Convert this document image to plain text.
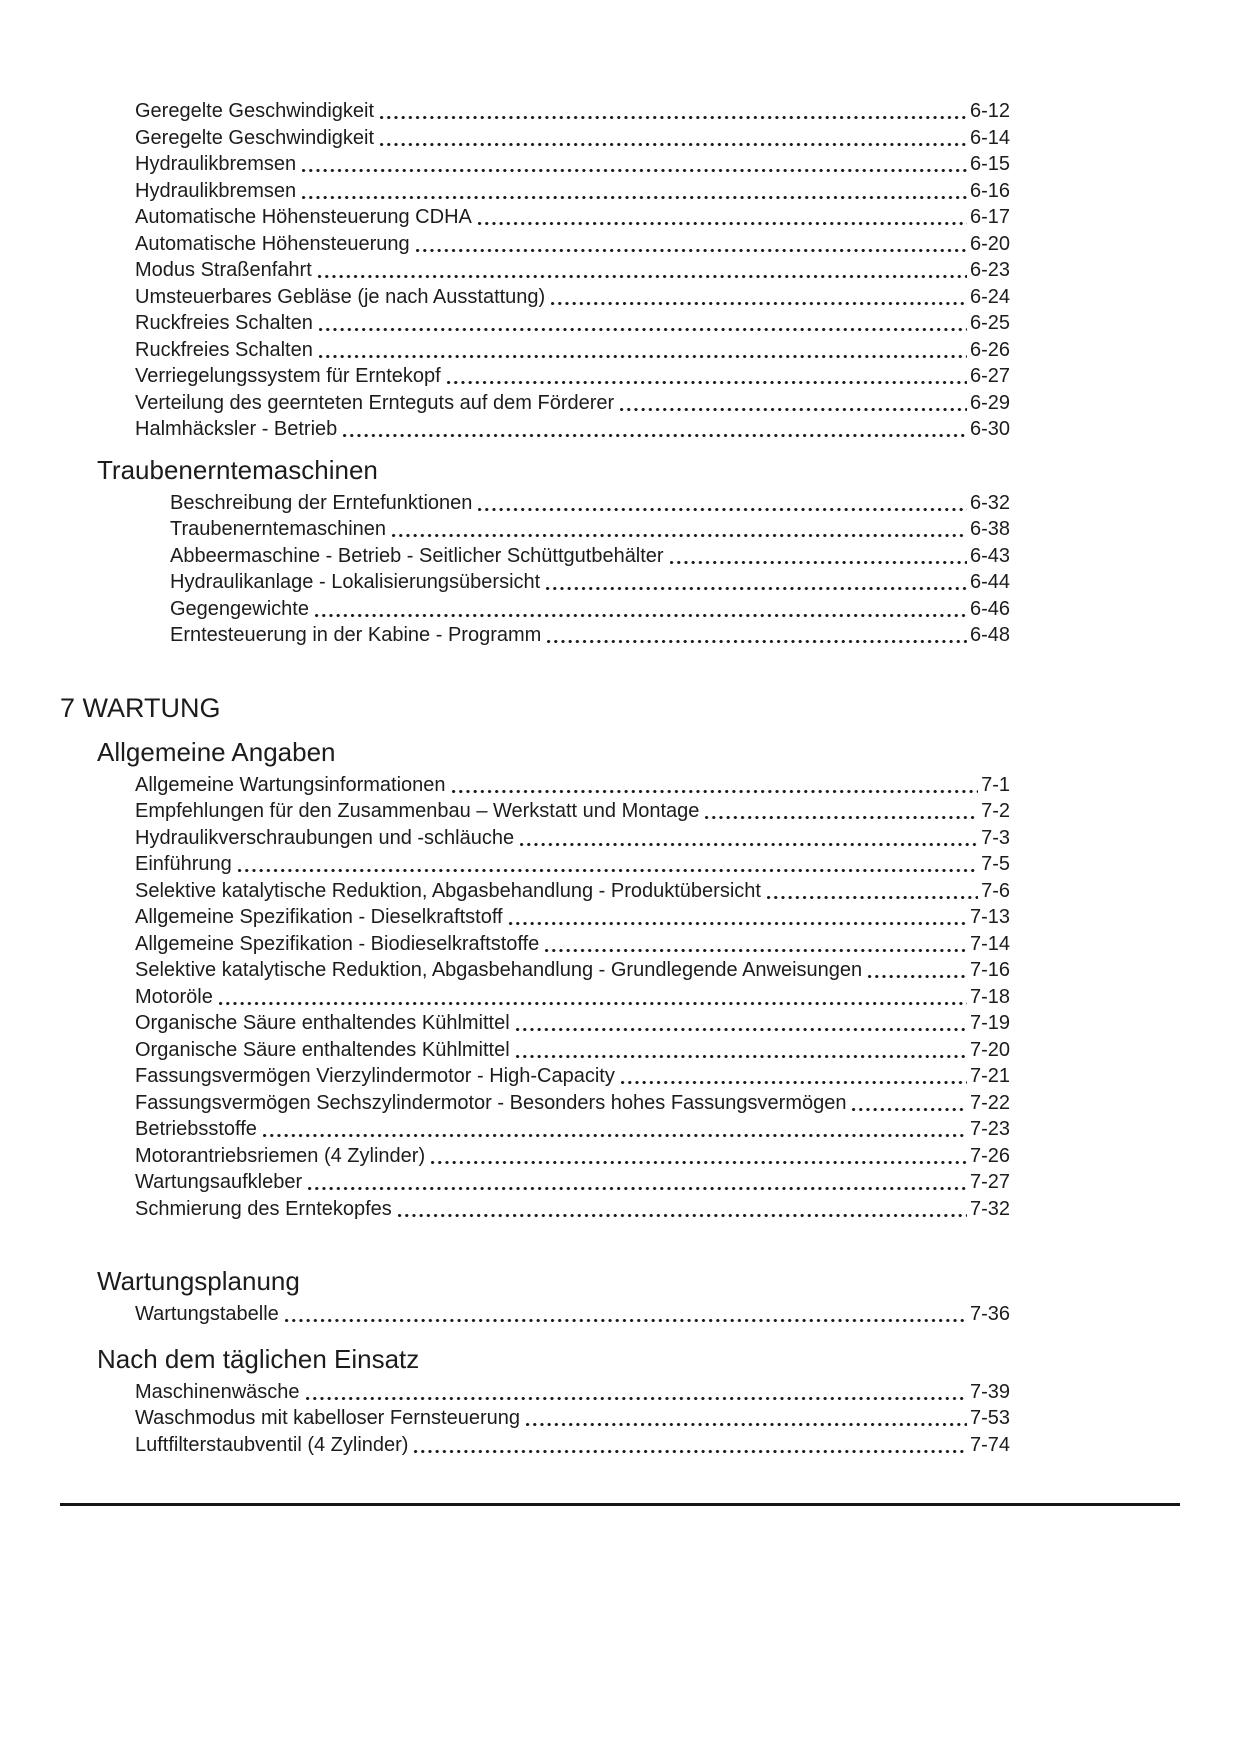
Geregelte Geschwindigkeit	6-12
Geregelte Geschwindigkeit	6-14
Hydraulikbremsen	6-15
Hydraulikbremsen	6-16
Automatische Höhensteuerung CDHA	6-17
Automatische Höhensteuerung	6-20
Modus Straßenfahrt	6-23
Umsteuerbares Gebläse (je nach Ausstattung)	6-24
Ruckfreies Schalten	6-25
Ruckfreies Schalten	6-26
Verriegelungssystem für Erntekopf	6-27
Verteilung des geernteten Ernteguts auf dem Förderer	6-29
Halmhäcksler - Betrieb	6-30
Traubenerntemaschinen
Beschreibung der Erntefunktionen	6-32
Traubenerntemaschinen	6-38
Abbeermaschine - Betrieb - Seitlicher Schüttgutbehälter	6-43
Hydraulikanlage - Lokalisierungsübersicht	6-44
Gegengewichte	6-46
Erntesteuerung in der Kabine - Programm	6-48
7 WARTUNG
Allgemeine Angaben
Allgemeine Wartungsinformationen	7-1
Empfehlungen für den Zusammenbau – Werkstatt und Montage	7-2
Hydraulikverschraubungen und -schläuche	7-3
Einführung	7-5
Selektive katalytische Reduktion, Abgasbehandlung - Produktübersicht	7-6
Allgemeine Spezifikation - Dieselkraftstoff	7-13
Allgemeine Spezifikation - Biodieselkraftstoffe	7-14
Selektive katalytische Reduktion, Abgasbehandlung - Grundlegende Anweisungen	7-16
Motoröle	7-18
Organische Säure enthaltendes Kühlmittel	7-19
Organische Säure enthaltendes Kühlmittel	7-20
Fassungsvermögen Vierzylindermotor - High-Capacity	7-21
Fassungsvermögen Sechszylindermotor - Besonders hohes Fassungsvermögen	7-22
Betriebsstoffe	7-23
Motorantriebsriemen (4 Zylinder)	7-26
Wartungsaufkleber	7-27
Schmierung des Erntekopfes	7-32
Wartungsplanung
Wartungstabelle	7-36
Nach dem täglichen Einsatz
Maschinenwäsche	7-39
Waschmodus mit kabelloser Fernsteuerung	7-53
Luftfilterstaubventil (4 Zylinder)	7-74
